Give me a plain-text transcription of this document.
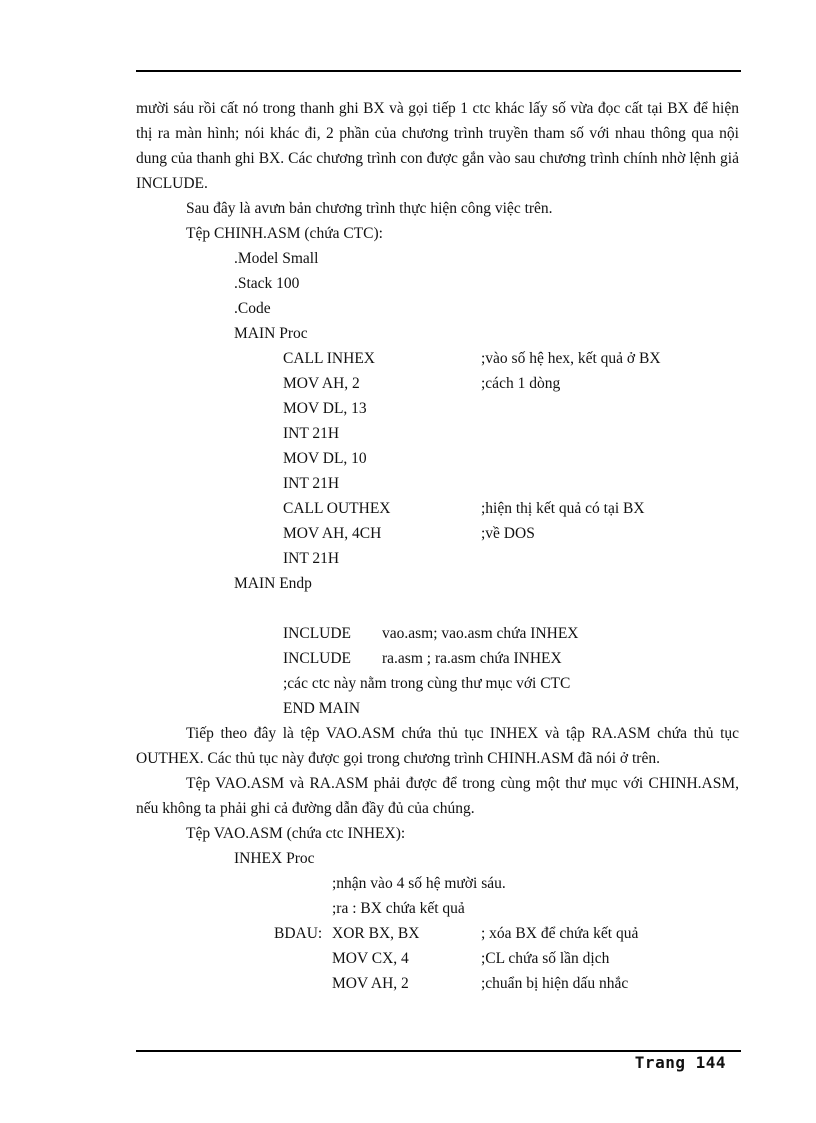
mười sáu rồi cất nó trong thanh ghi BX và gọi tiếp 1 ctc khác lấy số vừa đọc cất tại BX để hiện thị ra màn hình; nói khác đi, 2 phần của chương trình truyền tham số với nhau thông qua nội dung của thanh ghi BX. Các chương trình con được gắn vào sau chương trình chính nhờ lệnh giả INCLUDE.
Sau đây là avưn bản chương trình thực hiện công việc trên.
Tệp CHINH.ASM (chứa CTC):
.Model Small
.Stack 100
.Code
MAIN Proc
CALL INHEX	;vào số hệ hex, kết quả ở BX
MOV AH, 2	;cách 1 dòng
MOV DL, 13
INT 21H
MOV DL, 10
INT 21H
CALL OUTHEX	;hiện thị kết quả có tại BX
MOV AH, 4CH	;về DOS
INT 21H
MAIN Endp
INCLUDE vao.asm; vao.asm chứa INHEX
INCLUDE ra.asm ; ra.asm chứa INHEX
;các ctc này nằm trong cùng thư mục với CTC
END MAIN
Tiếp theo đây là tệp VAO.ASM chứa thủ tục INHEX và tập RA.ASM chứa thủ tục OUTHEX. Các thủ tục này được gọi trong chương trình CHINH.ASM đã nói ở trên.
Tệp VAO.ASM và RA.ASM phải được để trong cùng một thư mục với CHINH.ASM, nếu không ta phải ghi cả đường dẫn đầy đủ của chúng.
Tệp VAO.ASM (chứa ctc INHEX):
INHEX Proc
;nhận vào 4 số hệ mười sáu.
;ra : BX chứa kết quả
BDAU: XOR BX, BX	; xóa BX để chứa kết quả
MOV CX, 4	;CL chứa số lần dịch
MOV AH, 2	;chuẩn bị hiện dấu nhắc
Trang 144
